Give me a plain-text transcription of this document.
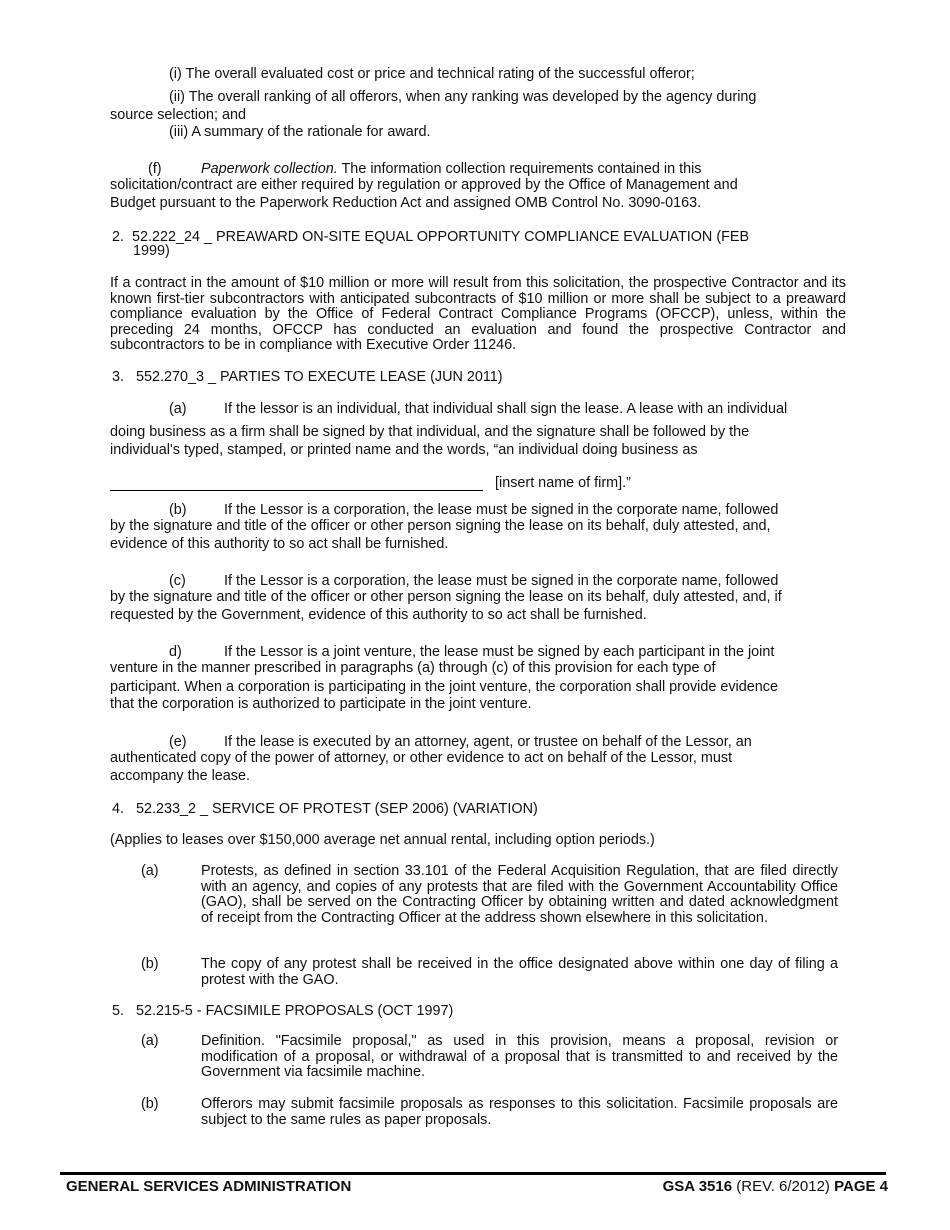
(i) The overall evaluated cost or price and technical rating of the successful offeror;
(ii) The overall ranking of all offerors, when any ranking was developed by the agency during
source selection; and
(iii) A summary of the rationale for award.
(f)	Paperwork collection. The information collection requirements contained in this
solicitation/contract are either required by regulation or approved by the Office of Management and
Budget pursuant to the Paperwork Reduction Act and assigned OMB Control No. 3090-0163.
2.  52.222_24 _ PREAWARD ON-SITE EQUAL OPPORTUNITY COMPLIANCE EVALUATION (FEB
1999)
If a contract in the amount of $10 million or more will result from this solicitation, the prospective Contractor and its known first-tier subcontractors with anticipated subcontracts of $10 million or more shall be subject to a preaward compliance evaluation by the Office of Federal Contract Compliance Programs (OFCCP), unless, within the preceding 24 months, OFCCP has conducted an evaluation and found the prospective Contractor and subcontractors to be in compliance with Executive Order 11246.
3.   552.270_3 _ PARTIES TO EXECUTE LEASE (JUN 2011)
(a)	If the lessor is an individual, that individual shall sign the lease. A lease with an individual
doing business as a firm shall be signed by that individual, and the signature shall be followed by the
individual's typed, stamped, or printed name and the words, “an individual doing business as
[insert name of firm].”
(b)	If the Lessor is a corporation, the lease must be signed in the corporate name, followed
by the signature and title of the officer or other person signing the lease on its behalf, duly attested, and,
evidence of this authority to so act shall be furnished.
(c)	If the Lessor is a corporation, the lease must be signed in the corporate name, followed
by the signature and title of the officer or other person signing the lease on its behalf, duly attested, and, if
requested by the Government, evidence of this authority to so act shall be furnished.
d)	If the Lessor is a joint venture, the lease must be signed by each participant in the joint
venture in the manner prescribed in paragraphs (a) through (c) of this provision for each type of
participant. When a corporation is participating in the joint venture, the corporation shall provide evidence
that the corporation is authorized to participate in the joint venture.
(e)	If the lease is executed by an attorney, agent, or trustee on behalf of the Lessor, an
authenticated copy of the power of attorney, or other evidence to act on behalf of the Lessor, must
accompany the lease.
4.   52.233_2 _ SERVICE OF PROTEST (SEP 2006) (VARIATION)
(Applies to leases over $150,000 average net annual rental, including option periods.)
(a)	Protests, as defined in section 33.101 of the Federal Acquisition Regulation, that are filed directly with an agency, and copies of any protests that are filed with the Government Accountability Office (GAO), shall be served on the Contracting Officer by obtaining written and dated acknowledgment of receipt from the Contracting Officer at the address shown elsewhere in this solicitation.
(b)	The copy of any protest shall be received in the office designated above within one day of filing a protest with the GAO.
5.   52.215-5 - FACSIMILE PROPOSALS (OCT 1997)
(a)	Definition. "Facsimile proposal," as used in this provision, means a proposal, revision or modification of a proposal, or withdrawal of a proposal that is transmitted to and received by the Government via facsimile machine.
(b)	Offerors may submit facsimile proposals as responses to this solicitation. Facsimile proposals are subject to the same rules as paper proposals.
GENERAL SERVICES ADMINISTRATION	GSA 3516 (REV. 6/2012) PAGE 4
